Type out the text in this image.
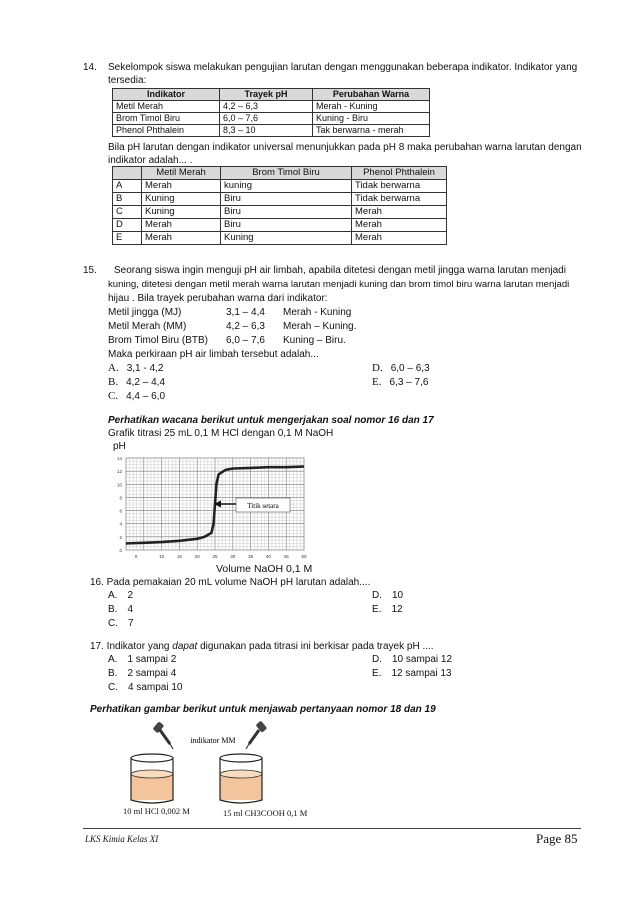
14. Sekelompok siswa melakukan pengujian larutan dengan menggunakan beberapa indikator. Indikator yang
tersedia:
Indikator	Trayek pH	Perubahan Warna
Metil Merah	4,2 – 6,3	Merah - Kuning
Brom Timol Biru	6,0 – 7,6	Kuning - Biru
Phenol Phthalein	8,3 – 10	Tak berwarna - merah
Bila pH larutan dengan indikator universal menunjukkan pada pH 8 maka perubahan warna larutan dengan
indikator adalah... .
	Metil Merah	Brom Timol Biru	Phenol Phthalein
A	Merah	kuning	Tidak berwarna
B	Kuning	Biru	Tidak berwarna
C	Kuning	Biru	Merah
D	Merah	Biru	Merah
E	Merah	Kuning	Merah
15. Seorang siswa ingin menguji pH air limbah, apabila ditetesi dengan metil jingga warna larutan menjadi
kuning, ditetesi dengan metil merah warna larutan menjadi kuning dan brom timol biru warna larutan menjadi
hijau . Bila trayek perubahan warna dari indikator:
Metil jingga (MJ)	3,1 – 4,4 Merah - Kuning
Metil Merah (MM)	4,2 – 6,3 Merah – Kuning.
Brom Timol Biru (BTB) 6,0 – 7,6 Kuning – Biru.
Maka perkiraan pH air limbah tersebut adalah...
A. 3,1 - 4,2
B. 4,2 – 4,4
C. 4,4 – 6,0
D. 6,0 – 6,3
E. 6,3 – 7,6
Perhatikan wacana berikut untuk mengerjakan soal nomor 16 dan 17
Grafik titrasi 25 mL 0,1 M HCl dengan 0,1 M NaOH
pH
0
2
4
6
8
10
12
14
0	10	15	20	25	30	35	40	45	50
Titik setara
Volume NaOH 0,1 M
16. Pada pemakaian 20 mL volume NaOH pH larutan adalah....
A. 2
B. 4
C. 7
D. 10
E. 12
17. Indikator yang dapat digunakan pada titrasi ini berkisar pada trayek pH ....
A. 1 sampai 2
B. 2 sampai 4
C. 4 sampai 10
D. 10 sampai 12
E. 12 sampai 13
Perhatikan gambar berikut untuk menjawab pertanyaan nomor 18 dan 19
indikator MM
10 ml HCl 0,002 M	15 ml CH3COOH 0,1 M
LKS Kimia Kelas XI	Page 85
